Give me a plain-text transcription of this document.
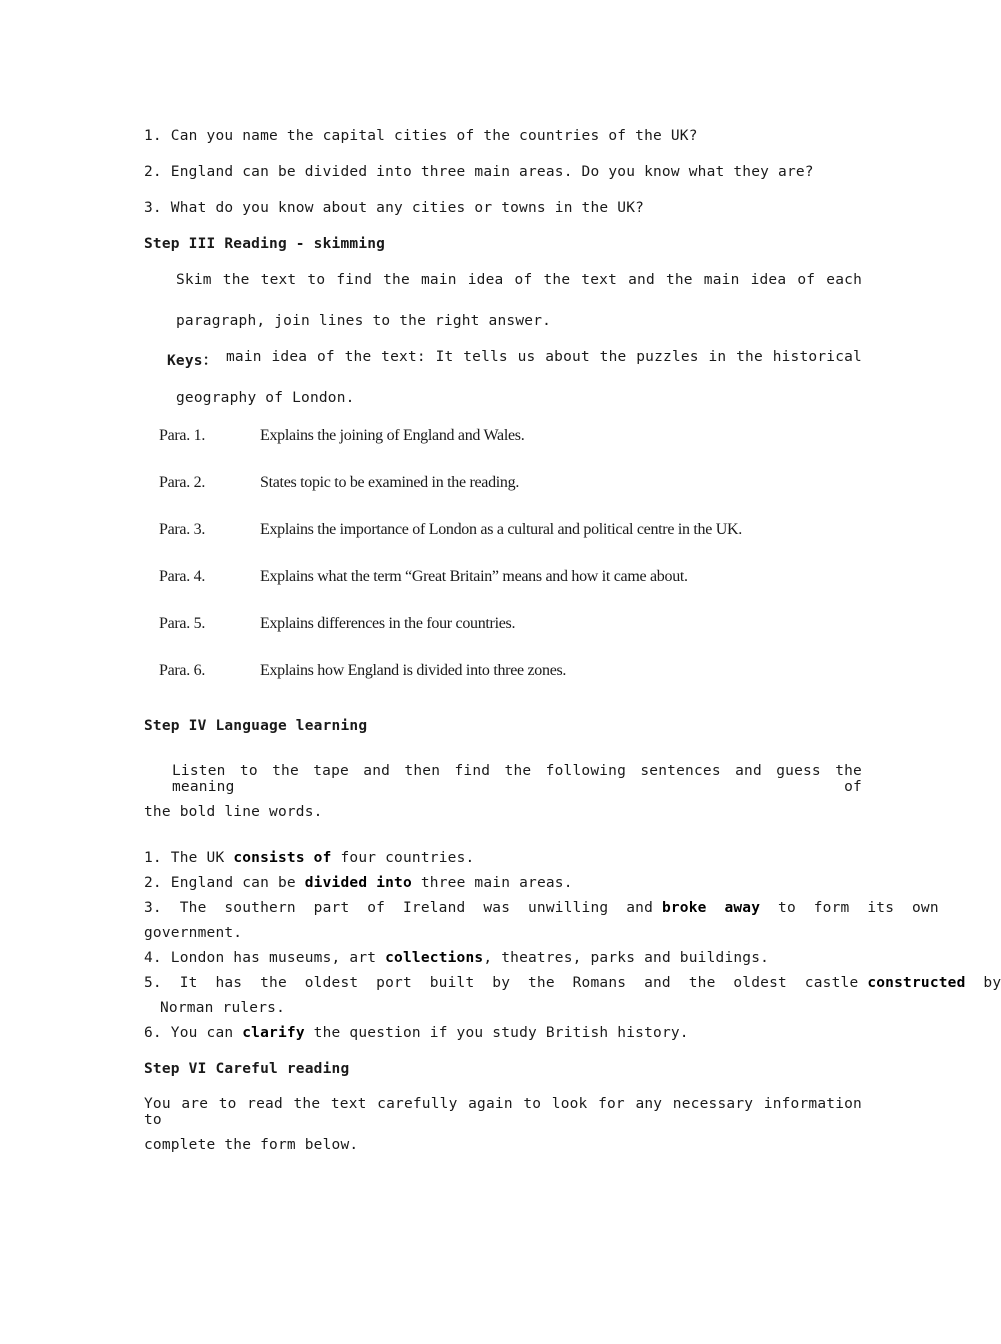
1. Can you name the capital cities of the countries of the UK?
2. England can be divided into three main areas. Do you know what they are?
3. What do you know about any cities or towns in the UK?
Step III Reading - skimming
Skim the text to find the main idea of the text and the main idea of each
paragraph, join lines to the right answer.
Keys： main idea of the text: It tells us about the puzzles in the historical
geography of London.
Para. 1.	Explains the joining of England and Wales.
Para. 2.	States topic to be examined in the reading.
Para. 3.	Explains the importance of London as a cultural and political centre in the UK.
Para. 4.	Explains what the term “Great Britain” means and how it came about.
Para. 5.	Explains differences in the four countries.
Para. 6.	Explains how England is divided into three zones.
Step IV Language learning
Listen to the tape and then find the following sentences and guess the meaning of
the bold line words.
1. The UK consists of four countries.
2. England can be divided into three main areas.
3.  The  southern  part  of  Ireland  was  unwilling  and broke  away to  form  its  own
government.
4. London has museums, art collections, theatres, parks and buildings.
5.  It  has  the  oldest  port  built  by  the  Romans  and  the  oldest  castle constructed by
Norman rulers.
6. You can clarify the question if you study British history.
Step VI Careful reading
You are to read the text carefully again to look for any necessary information to
complete the form below.
